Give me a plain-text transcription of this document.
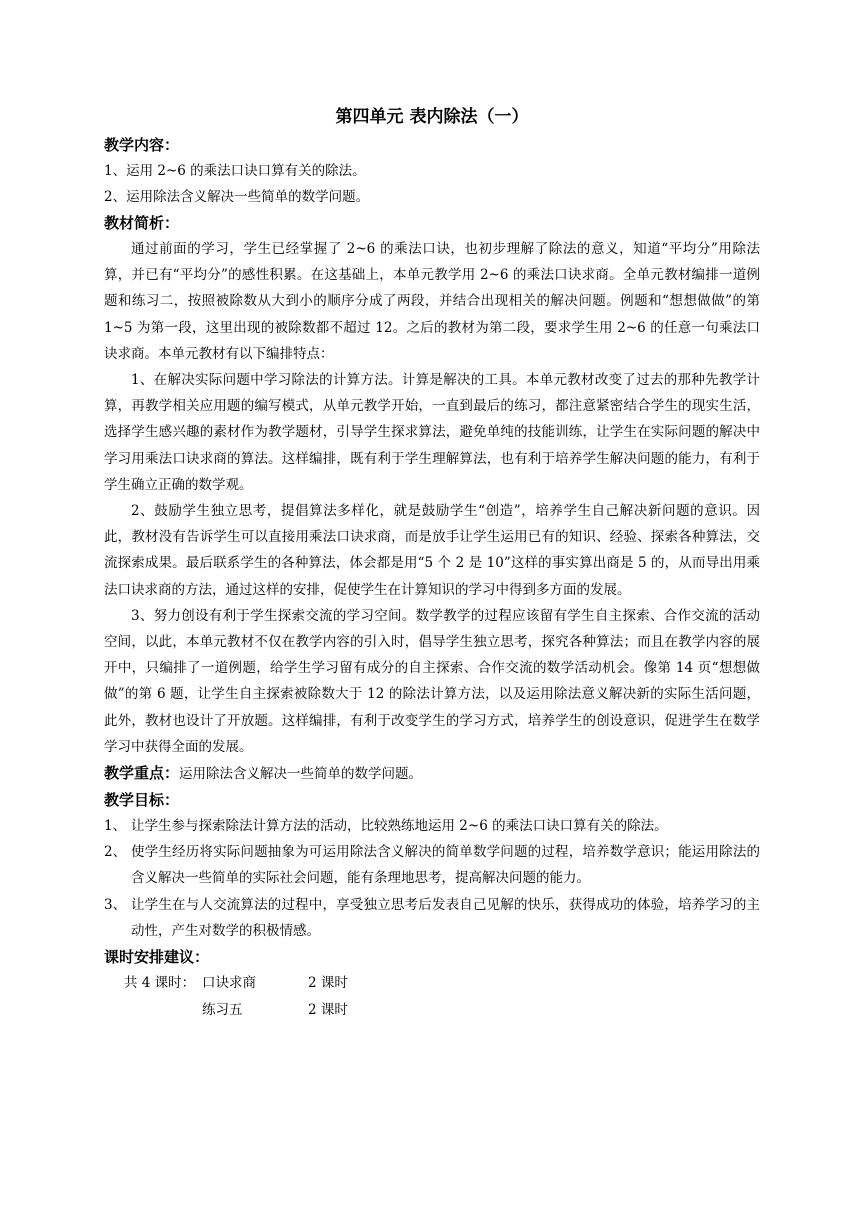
第四单元 表内除法（一）

教学内容：

1、运用 2~6 的乘法口诀口算有关的除法。

2、运用除法含义解决一些简单的数学问题。

教材简析：

通过前面的学习，学生已经掌握了 2~6 的乘法口诀，也初步理解了除法的意义，知道“平均分”用除法算，并已有“平均分”的感性积累。在这基础上，本单元教学用 2~6 的乘法口诀求商。全单元教材编排一道例题和练习二，按照被除数从大到小的顺序分成了两段，并结合出现相关的解决问题。例题和“想想做做”的第 1~5 为第一段，这里出现的被除数都不超过 12。之后的教材为第二段，要求学生用 2~6 的任意一句乘法口诀求商。本单元教材有以下编排特点：

1、在解决实际问题中学习除法的计算方法。计算是解决的工具。本单元教材改变了过去的那种先教学计算，再教学相关应用题的编写模式，从单元教学开始，一直到最后的练习，都注意紧密结合学生的现实生活，选择学生感兴趣的素材作为教学题材，引导学生探求算法，避免单纯的技能训练，让学生在实际问题的解决中学习用乘法口诀求商的算法。这样编排，既有利于学生理解算法，也有利于培养学生解决问题的能力，有利于学生确立正确的数学观。

2、鼓励学生独立思考，提倡算法多样化，就是鼓励学生“创造”，培养学生自己解决新问题的意识。因此，教材没有告诉学生可以直接用乘法口诀求商，而是放手让学生运用已有的知识、经验、探索各种算法，交流探索成果。最后联系学生的各种算法，体会都是用“5 个 2 是 10”这样的事实算出商是 5 的，从而导出用乘法口诀求商的方法，通过这样的安排，促使学生在计算知识的学习中得到多方面的发展。

3、努力创设有利于学生探索交流的学习空间。数学教学的过程应该留有学生自主探索、合作交流的活动空间，以此，本单元教材不仅在教学内容的引入时，倡导学生独立思考，探究各种算法；而且在教学内容的展开中，只编排了一道例题，给学生学习留有成分的自主探索、合作交流的数学活动机会。像第 14 页“想想做做”的第 6 题，让学生自主探索被除数大于 12 的除法计算方法，以及运用除法意义解决新的实际生活问题，此外，教材也设计了开放题。这样编排，有利于改变学生的学习方式，培养学生的创设意识，促进学生在数学学习中获得全面的发展。

教学重点：运用除法含义解决一些简单的数学问题。

教学目标：

1、 让学生参与探索除法计算方法的活动，比较熟练地运用 2~6 的乘法口诀口算有关的除法。
2、 使学生经历将实际问题抽象为可运用除法含义解决的简单数学问题的过程，培养数学意识；能运用除法的含义解决一些简单的实际社会问题，能有条理地思考，提高解决问题的能力。
3、 让学生在与人交流算法的过程中，享受独立思考后发表自己见解的快乐，获得成功的体验，培养学习的主动性，产生对数学的积极情感。

课时安排建议：

共 4 课时： 口诀求商	2 课时
练习五	2 课时
